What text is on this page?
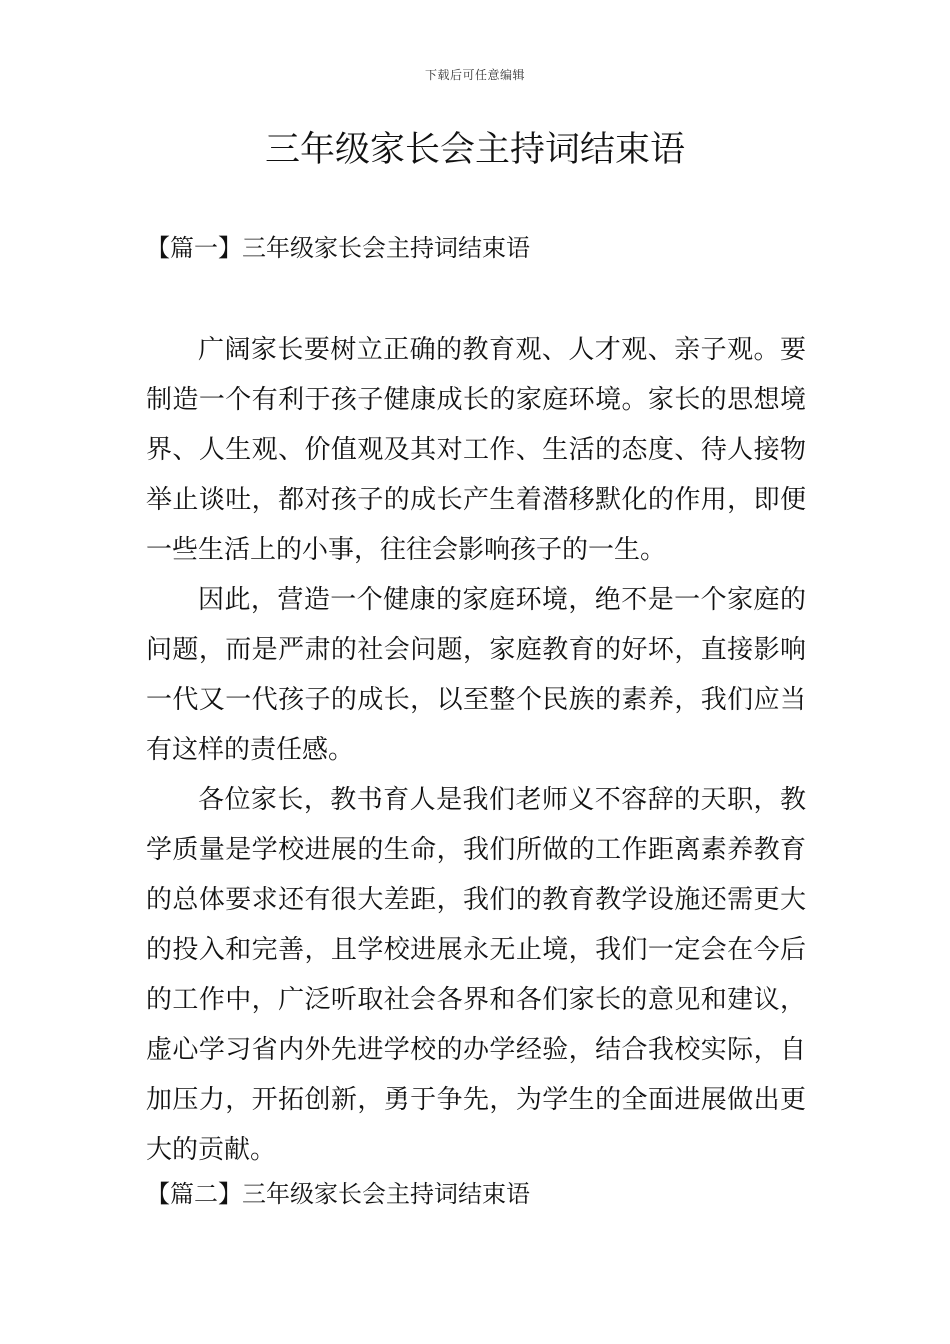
下载后可任意编辑
三年级家长会主持词结束语

【篇一】三年级家长会主持词结束语

广阔家长要树立正确的教育观、人才观、亲子观。要制造一个有利于孩子健康成长的家庭环境。家长的思想境界、人生观、价值观及其对工作、生活的态度、待人接物举止谈吐，都对孩子的成长产生着潜移默化的作用，即便一些生活上的小事，往往会影响孩子的一生。

因此，营造一个健康的家庭环境，绝不是一个家庭的问题，而是严肃的社会问题，家庭教育的好坏，直接影响一代又一代孩子的成长，以至整个民族的素养，我们应当有这样的责任感。

各位家长，教书育人是我们老师义不容辞的天职，教学质量是学校进展的生命，我们所做的工作距离素养教育的总体要求还有很大差距，我们的教育教学设施还需更大的投入和完善，且学校进展永无止境，我们一定会在今后的工作中，广泛听取社会各界和各们家长的意见和建议，虚心学习省内外先进学校的办学经验，结合我校实际，自加压力，开拓创新，勇于争先，为学生的全面进展做出更大的贡献。

【篇二】三年级家长会主持词结束语
